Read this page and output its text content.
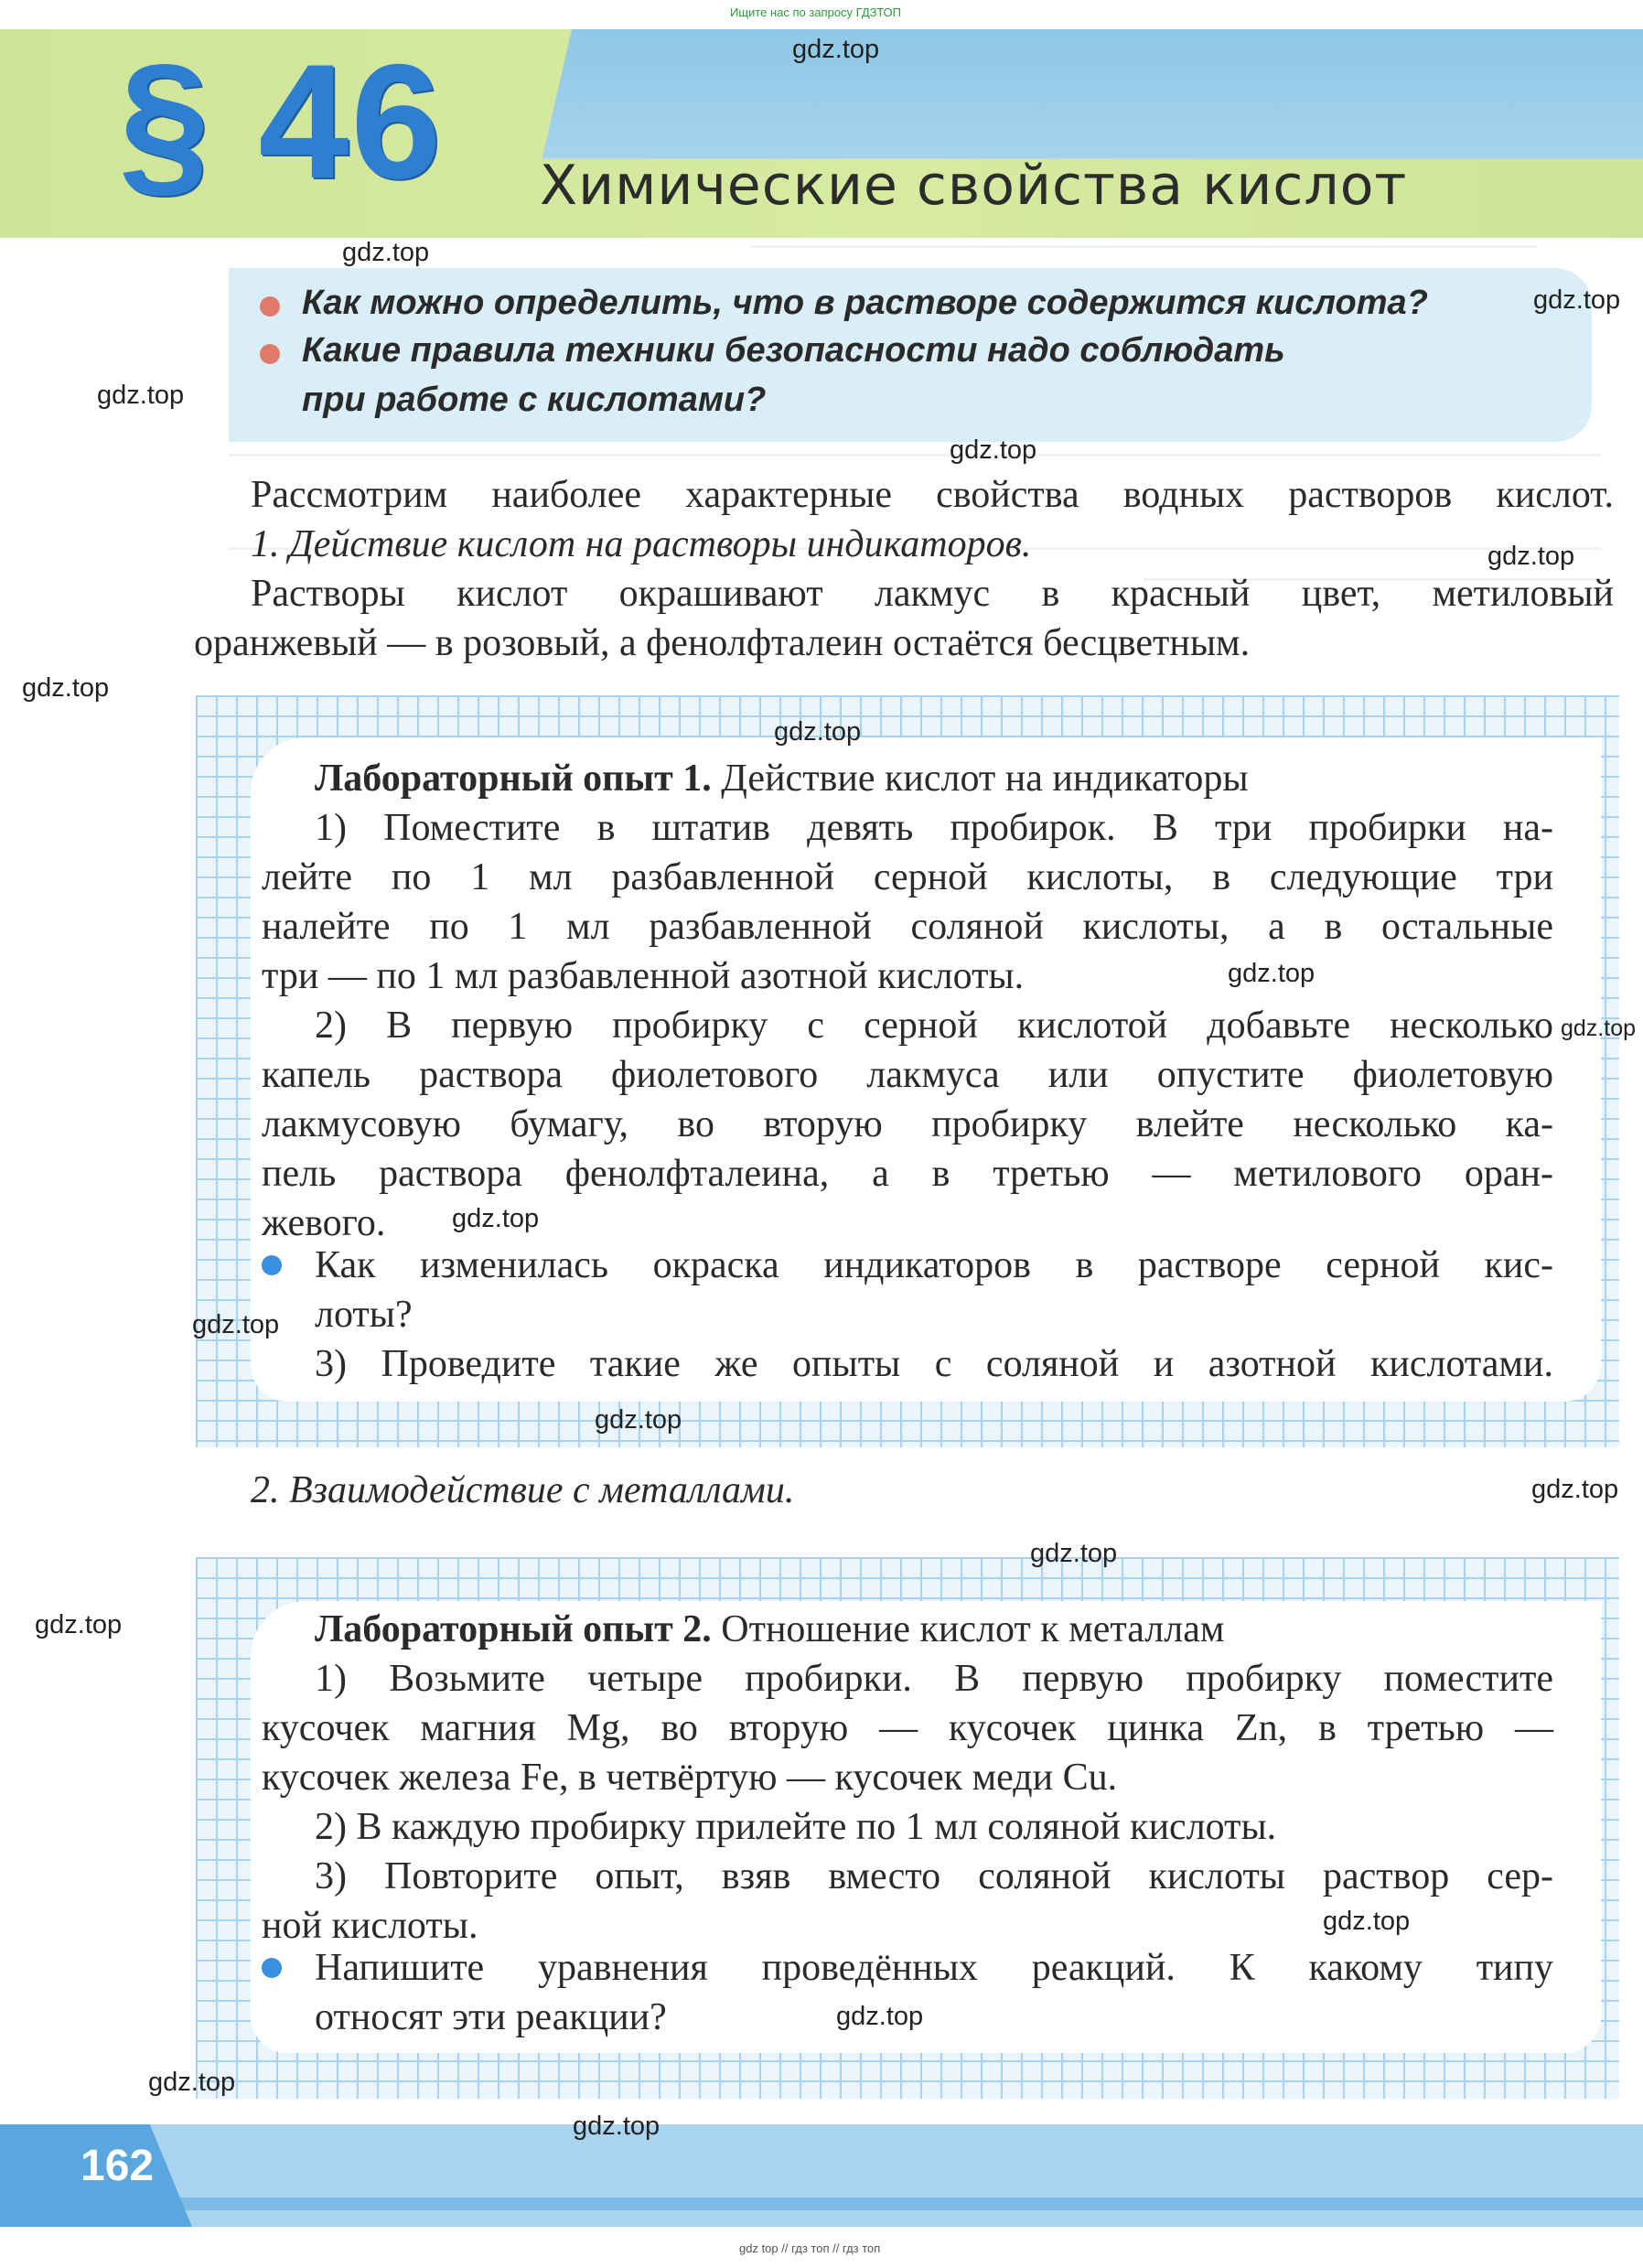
Ищите нас по запросу ГДЗТОП
§ 46 Химические свойства кислот
Как можно определить, что в растворе содержится кислота?
Какие правила техники безопасности надо соблюдать
при работе с кислотами?
Рассмотрим наиболее характерные свойства водных растворов кислот.
1. Действие кислот на растворы индикаторов.
Растворы кислот окрашивают лакмус в красный цвет, метиловый
оранжевый — в розовый, а фенолфталеин остаётся бесцветным.
Лабораторный опыт 1. Действие кислот на индикаторы
1) Поместите в штатив девять пробирок. В три пробирки на-
лейте по 1 мл разбавленной серной кислоты, в следующие три
налейте по 1 мл разбавленной соляной кислоты, а в остальные
три — по 1 мл разбавленной азотной кислоты.
2) В первую пробирку с серной кислотой добавьте несколько
капель раствора фиолетового лакмуса или опустите фиолетовую
лакмусовую бумагу, во вторую пробирку влейте несколько ка-
пель раствора фенолфталеина, а в третью — метилового оран-
жевого.
Как изменилась окраска индикаторов в растворе серной кис-
лоты?
3) Проведите такие же опыты с соляной и азотной кислотами.
2. Взаимодействие с металлами.
Лабораторный опыт 2. Отношение кислот к металлам
1) Возьмите четыре пробирки. В первую пробирку поместите
кусочек магния Mg, во вторую — кусочек цинка Zn, в третью —
кусочек железа Fe, в четвёртую — кусочек меди Cu.
2) В каждую пробирку прилейте по 1 мл соляной кислоты.
3) Повторите опыт, взяв вместо соляной кислоты раствор сер-
ной кислоты.
Напишите уравнения проведённых реакций. К какому типу
относят эти реакции?
162
gdz top // гдз топ // гдз топ
gdz.top
gdz.top
gdz.top
gdz.top
gdz.top
gdz.top
gdz.top
gdz.top
gdz.top
gdz.top
gdz.top
gdz.top
gdz.top
gdz.top
gdz.top
gdz.top
gdz.top
gdz.top
gdz.top
gdz.top
